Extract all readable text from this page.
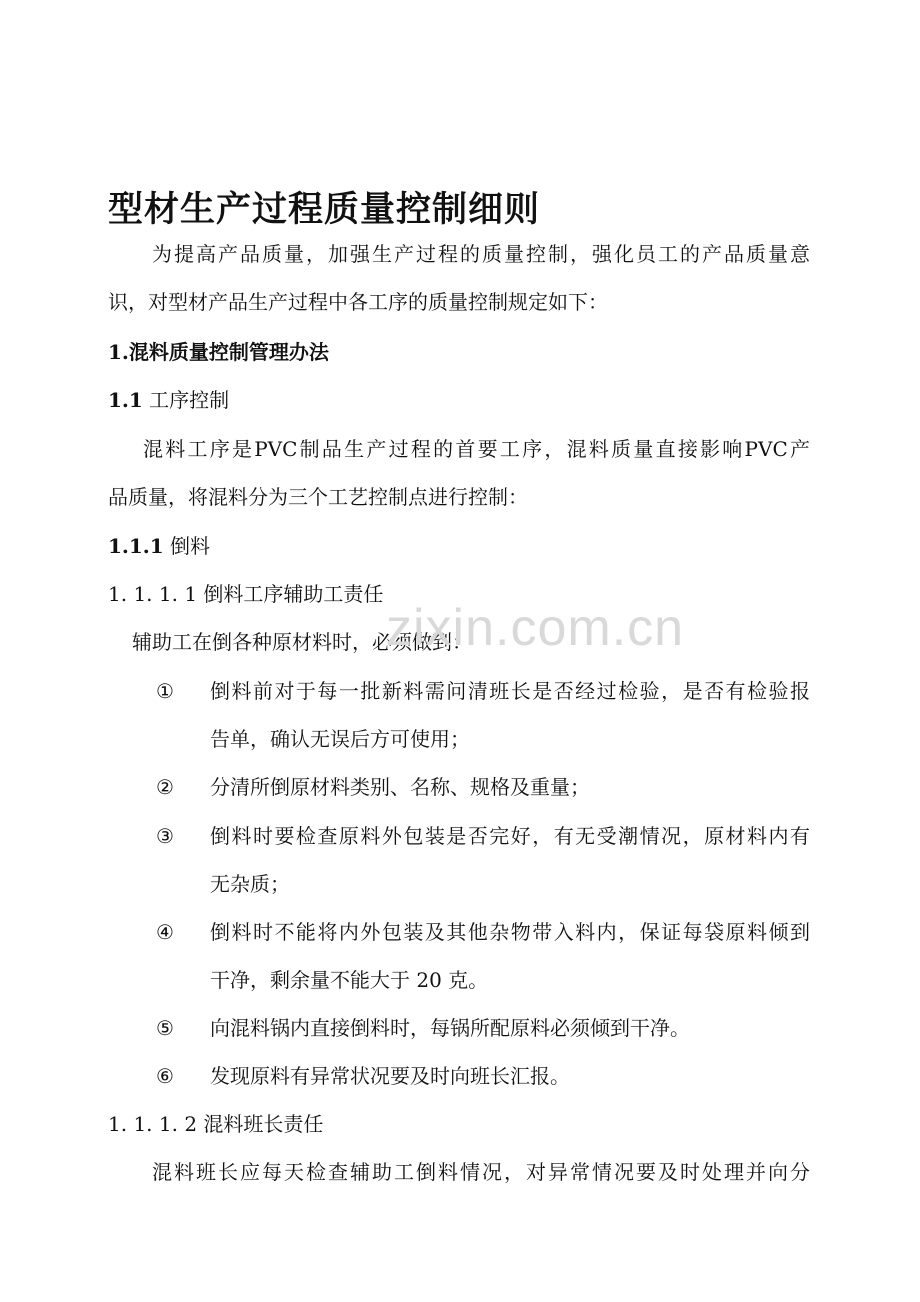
型材生产过程质量控制细则

为提高产品质量，加强生产过程的质量控制，强化员工的产品质量意

识，对型材产品生产过程中各工序的质量控制规定如下：

1.混料质量控制管理办法

1.1 工序控制

混料工序是PVC制品生产过程的首要工序，混料质量直接影响PVC产

品质量，将混料分为三个工艺控制点进行控制：

1.1.1 倒料

1. 1. 1. 1 倒料工序辅助工责任

辅助工在倒各种原材料时，必须做到：

①	倒料前对于每一批新料需问清班长是否经过检验，是否有检验报

告单，确认无误后方可使用；

②	分清所倒原材料类别、名称、规格及重量；

③	倒料时要检查原料外包装是否完好，有无受潮情况，原材料内有

无杂质；

④	倒料时不能将内外包装及其他杂物带入料内，保证每袋原料倾到

干净，剩余量不能大于 20 克。

⑤	向混料锅内直接倒料时，每锅所配原料必须倾到干净。

⑥	发现原料有异常状况要及时向班长汇报。

1. 1. 1. 2 混料班长责任

混料班长应每天检查辅助工倒料情况，对异常情况要及时处理并向分

zixin.com.cn
